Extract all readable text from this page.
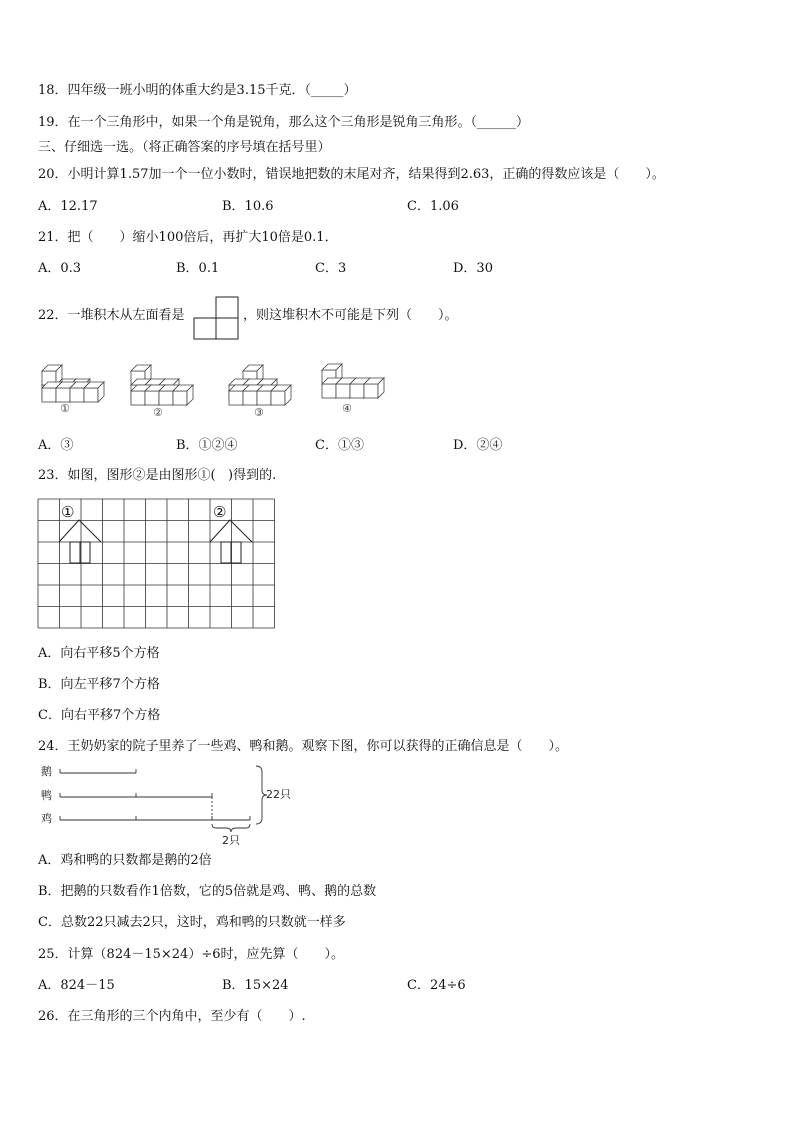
18．四年级一班小明的体重大约是3.15千克．（_____）
19．在一个三角形中，如果一个角是锐角，那么这个三角形是锐角三角形。（______）
三、仔细选一选。（将正确答案的序号填在括号里）
20．小明计算1.57加一个一位小数时，错误地把数的末尾对齐，结果得到2.63，正确的得数应该是（　　）。
A．12.17	B．10.6	C．1.06
21．把（　　）缩小100倍后，再扩大10倍是0.1．
A．0.3	B．0.1	C．3	D．30
22．一堆积木从左面看是	，则这堆积木不可能是下列（　　）。
①	②	③	④
A．③	B．①②④	C．①③	D．②④
23．如图，图形②是由图形①(   )得到的.
①	②
A．向右平移5个方格
B．向左平移7个方格
C．向右平移7个方格
24．王奶奶家的院子里养了一些鸡、鸭和鹅。观察下图，你可以获得的正确信息是（　　）。
鹅
鸭
鸡
22只
2只
A．鸡和鸭的只数都是鹅的2倍
B．把鹅的只数看作1倍数，它的5倍就是鸡、鸭、鹅的总数
C．总数22只减去2只，这时，鸡和鸭的只数就一样多
25．计算（824－15×24）÷6时，应先算（　　）。
A．824－15	B．15×24	C．24÷6
26．在三角形的三个内角中，至少有（　　）.
